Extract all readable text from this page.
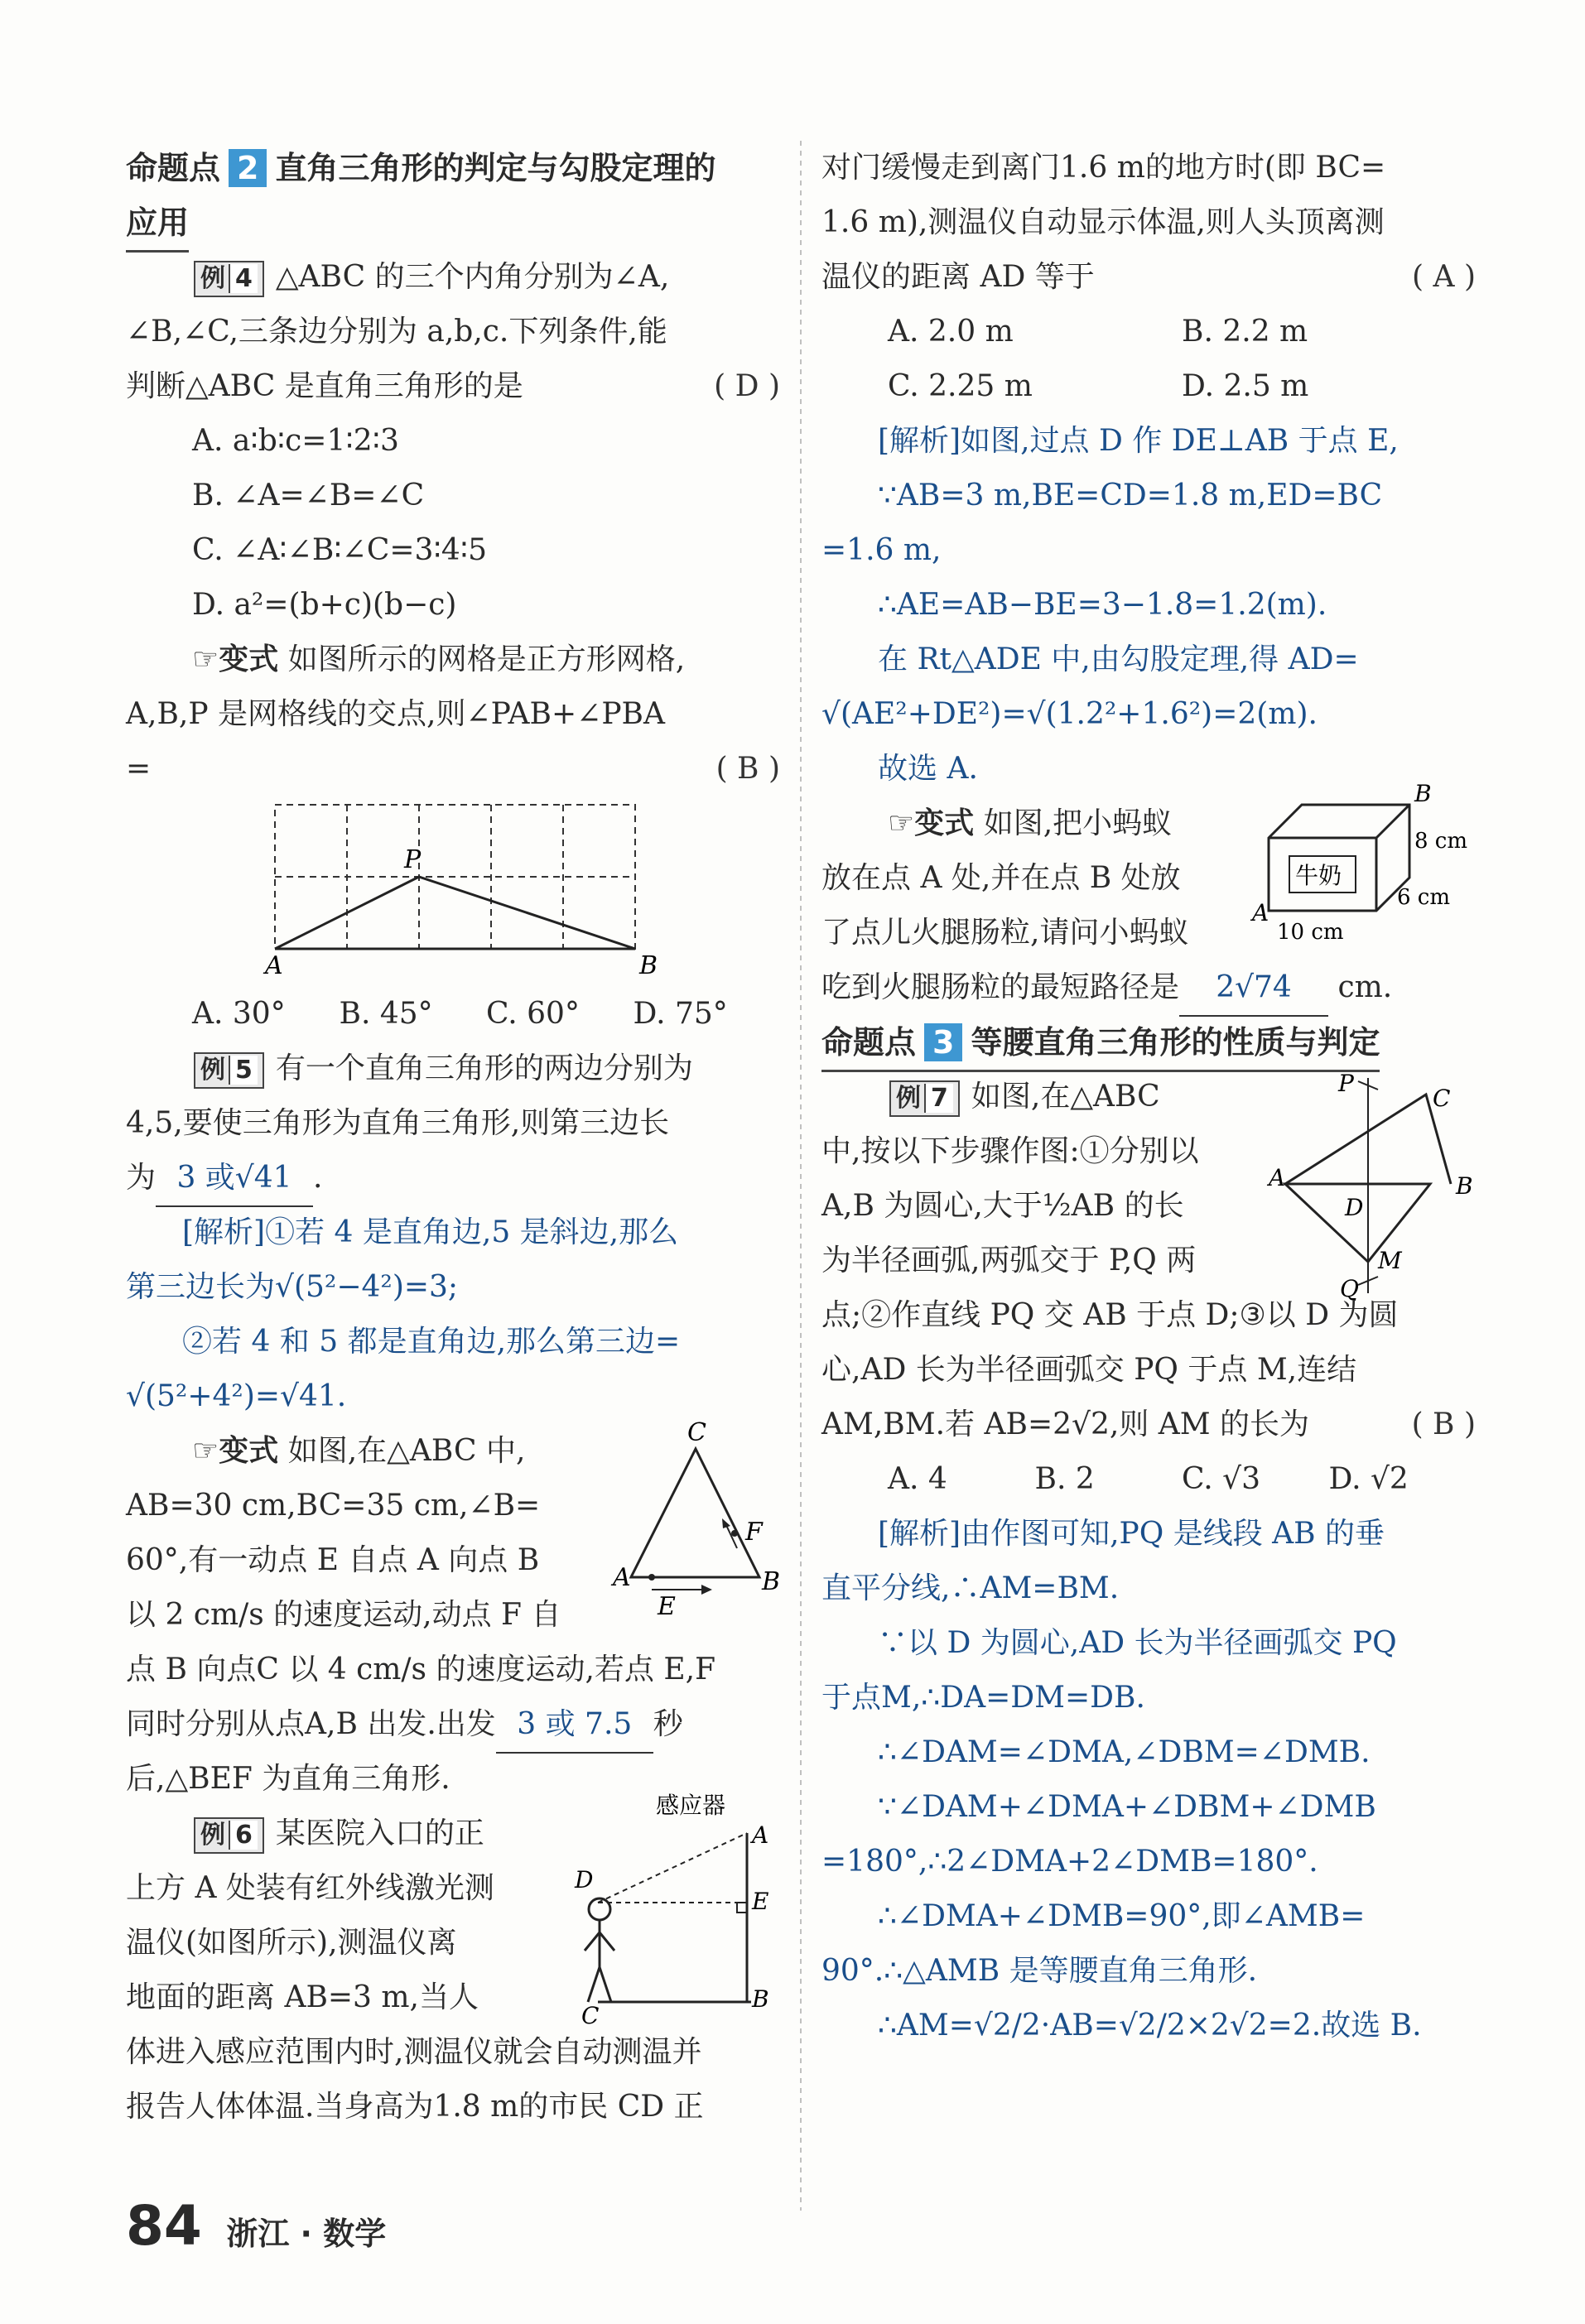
命题点 2 直角三角形的判定与勾股定理的
应用
例 4 △ABC 的三个内角分别为∠A,
∠B,∠C,三条边分别为 a,b,c.下列条件,能
判断△ABC 是直角三角形的是	( D )
A. a∶b∶c=1∶2∶3
B. ∠A=∠B=∠C
C. ∠A∶∠B∶∠C=3∶4∶5
D. a²=(b+c)(b−c)
☞变式 如图所示的网格是正方形网格,
A,B,P 是网格线的交点,则∠PAB+∠PBA
=	( B )
A	B
P
A. 30°	B. 45°	C. 60°	D. 75°
例 5 有一个直角三角形的两边分别为
4,5,要使三角形为直角三角形,则第三边长
为 3 或√41 .
[解析]①若 4 是直角边,5 是斜边,那么
第三边长为√(5²−4²)=3;
②若 4 和 5 都是直角边,那么第三边=
√(5²+4²)=√41.
☞变式 如图,在△ABC 中,
AB=30 cm,BC=35 cm,∠B=
60°,有一动点 E 自点 A 向点 B
以 2 cm/s 的速度运动,动点 F 自
C
A	B
E
F
点 B 向点C 以 4 cm/s 的速度运动,若点 E,F
同时分别从点A,B 出发.出发 3 或 7.5 秒
后,△BEF 为直角三角形.
例 6 某医院入口的正
上方 A 处装有红外线激光测
温仪(如图所示),测温仪离
地面的距离 AB=3 m,当人
感应器
A
E
B
D
C
体进入感应范围内时,测温仪就会自动测温并
报告人体体温.当身高为1.8 m的市民 CD 正
对门缓慢走到离门1.6 m的地方时(即 BC=
1.6 m),测温仪自动显示体温,则人头顶离测
温仪的距离 AD 等于	( A )
A. 2.0 m	B. 2.2 m
C. 2.25 m	D. 2.5 m
[解析]如图,过点 D 作 DE⊥AB 于点 E,
∵AB=3 m,BE=CD=1.8 m,ED=BC
=1.6 m,
∴AE=AB−BE=3−1.8=1.2(m).
在 Rt△ADE 中,由勾股定理,得 AD=
√(AE²+DE²)=√(1.2²+1.6²)=2(m).
故选 A.
☞变式 如图,把小蚂蚁
放在点 A 处,并在点 B 处放
了点儿火腿肠粒,请问小蚂蚁
牛奶
B
A
8 cm
6 cm
10 cm
吃到火腿肠粒的最短路径是 2√74 cm.
命题点 3 等腰直角三角形的性质与判定
例 7 如图,在△ABC
中,按以下步骤作图:①分别以
A,B 为圆心,大于½AB 的长
为半径画弧,两弧交于 P,Q 两
P
Q
C
A	B
D
M
点;②作直线 PQ 交 AB 于点 D;③以 D 为圆
心,AD 长为半径画弧交 PQ 于点 M,连结
AM,BM.若 AB=2√2,则 AM 的长为	( B )
A. 4	B. 2	C. √3	D. √2
[解析]由作图可知,PQ 是线段 AB 的垂
直平分线,∴AM=BM.
∵以 D 为圆心,AD 长为半径画弧交 PQ
于点M,∴DA=DM=DB.
∴∠DAM=∠DMA,∠DBM=∠DMB.
∵∠DAM+∠DMA+∠DBM+∠DMB
=180°,∴2∠DMA+2∠DMB=180°.
∴∠DMA+∠DMB=90°,即∠AMB=
90°.∴△AMB 是等腰直角三角形.
∴AM=√2/2·AB=√2/2×2√2=2.故选 B.
84 浙江 · 数学
